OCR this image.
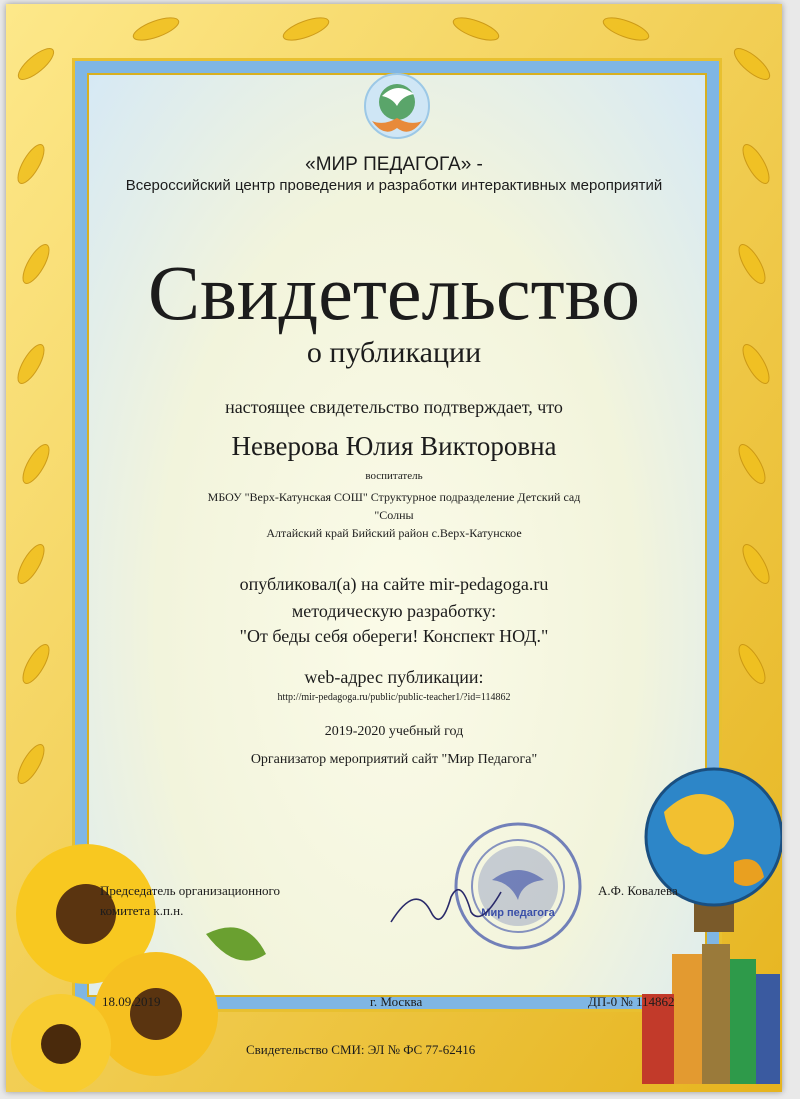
«МИР ПЕДАГОГА» -
Всероссийский центр проведения и разработки интерактивных мероприятий
Свидетельство
о публикации
настоящее свидетельство подтверждает, что
Неверова Юлия Викторовна
воспитатель
МБОУ "Верх-Катунская СОШ" Структурное подразделение Детский сад
"Солны
Алтайский край Бийский район с.Верх-Катунское
опубликовал(а) на сайте mir-pedagoga.ru
методическую разработку:
"От беды себя обереги! Конспект НОД."
web-адрес публикации:
http://mir-pedagoga.ru/public/public-teacher1/?id=114862
2019-2020 учебный год
Организатор мероприятий сайт "Мир Педагога"
Мир педагога
Председатель организационного
комитета к.п.н.
А.Ф. Ковалева
18.09.2019	г. Москва	ДП-0 № 114862
Свидетельство СМИ: ЭЛ № ФС 77-62416
